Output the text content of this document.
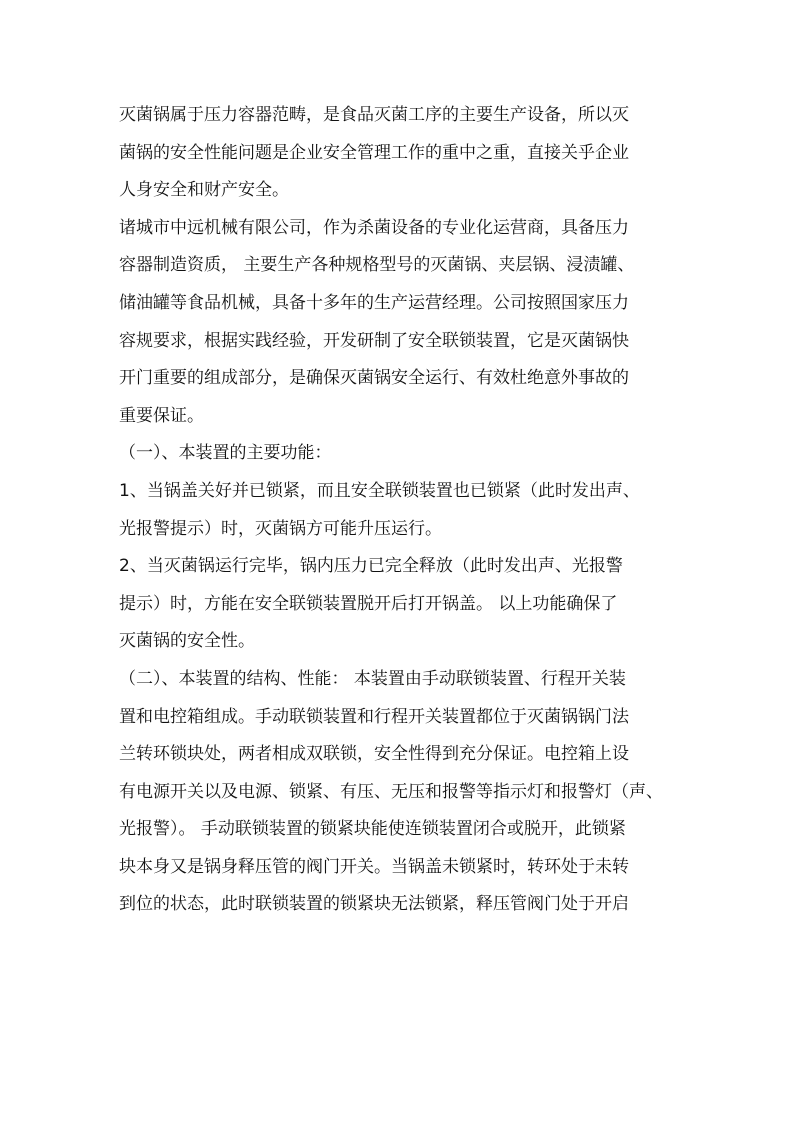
灭菌锅属于压力容器范畴，是食品灭菌工序的主要生产设备，所以灭
菌锅的安全性能问题是企业安全管理工作的重中之重，直接关乎企业
人身安全和财产安全。
诸城市中远机械有限公司，作为杀菌设备的专业化运营商，具备压力
容器制造资质， 主要生产各种规格型号的灭菌锅、夹层锅、浸渍罐、
储油罐等食品机械，具备十多年的生产运营经理。公司按照国家压力
容规要求，根据实践经验，开发研制了安全联锁装置，它是灭菌锅快
开门重要的组成部分，是确保灭菌锅安全运行、有效杜绝意外事故的
重要保证。
（一）、本装置的主要功能：
1、当锅盖关好并已锁紧，而且安全联锁装置也已锁紧（此时发出声、
光报警提示）时，灭菌锅方可能升压运行。
2、当灭菌锅运行完毕，锅内压力已完全释放（此时发出声、光报警
提示）时，方能在安全联锁装置脱开后打开锅盖。 以上功能确保了
灭菌锅的安全性。
（二）、本装置的结构、性能： 本装置由手动联锁装置、行程开关装
置和电控箱组成。手动联锁装置和行程开关装置都位于灭菌锅锅门法
兰转环锁块处，两者相成双联锁，安全性得到充分保证。电控箱上设
有电源开关以及电源、锁紧、有压、无压和报警等指示灯和报警灯（声、
光报警）。 手动联锁装置的锁紧块能使连锁装置闭合或脱开，此锁紧
块本身又是锅身释压管的阀门开关。当锅盖未锁紧时，转环处于未转
到位的状态，此时联锁装置的锁紧块无法锁紧，释压管阀门处于开启
